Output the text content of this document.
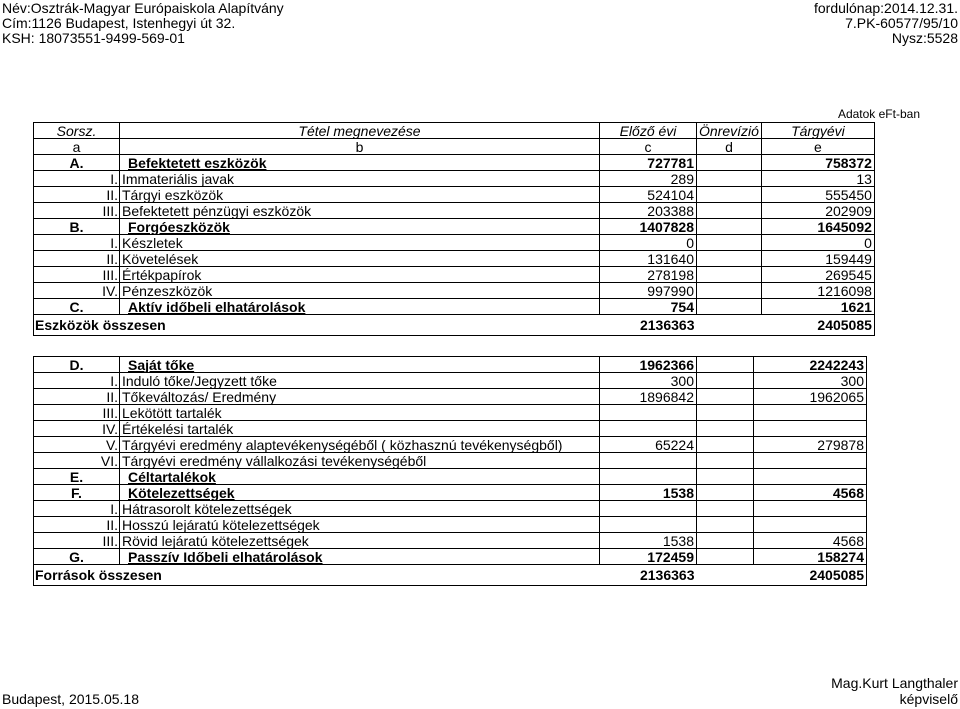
Név:Osztrák-Magyar Európaiskola Alapítvány
Cím:1126 Budapest, Istenhegyi út 32.
KSH: 18073551-9499-569-01
fordulónap:2014.12.31.
7.PK-60577/95/10
Nysz:5528
Adatok eFt-ban
Sorsz.	Tétel megnevezése	Előző évi	Önrevízió	Tárgyévi
a	b	c	d	e
A.	Befektetett eszközök	727781		758372
I.	Immateriális javak	289		13
II.	Tárgyi eszközök	524104		555450
III.	Befektetett pénzügyi eszközök	203388		202909
B.	Forgóeszközök	1407828		1645092
I.	Készletek	0		0
II.	Követelések	131640		159449
III.	Értékpapírok	278198		269545
IV.	Pénzeszközök	997990		1216098
C.	Aktív időbeli elhatárolások	754		1621
Eszközök összesen		2136363		2405085
D.	Saját tőke	1962366		2242243
I.	Induló tőke/Jegyzett tőke	300		300
II.	Tőkeváltozás/ Eredmény	1896842		1962065
III.	Lekötött tartalék			
IV.	Értékelési tartalék			
V.	Tárgyévi eredmény alaptevékenységéből ( közhasznú tevékenységből)	65224		279878
VI.	Tárgyévi eredmény vállalkozási tevékenységéből			
E.	Céltartalékok			
F.	Kötelezettségek	1538		4568
I.	Hátrasorolt kötelezettségek			
II.	Hosszú lejáratú kötelezettségek			
III.	Rövid lejáratú kötelezettségek	1538		4568
G.	Passzív Időbeli elhatárolások	172459		158274
Források összesen		2136363		2405085
Budapest, 2015.05.18
Mag.Kurt Langthaler
képviselő
